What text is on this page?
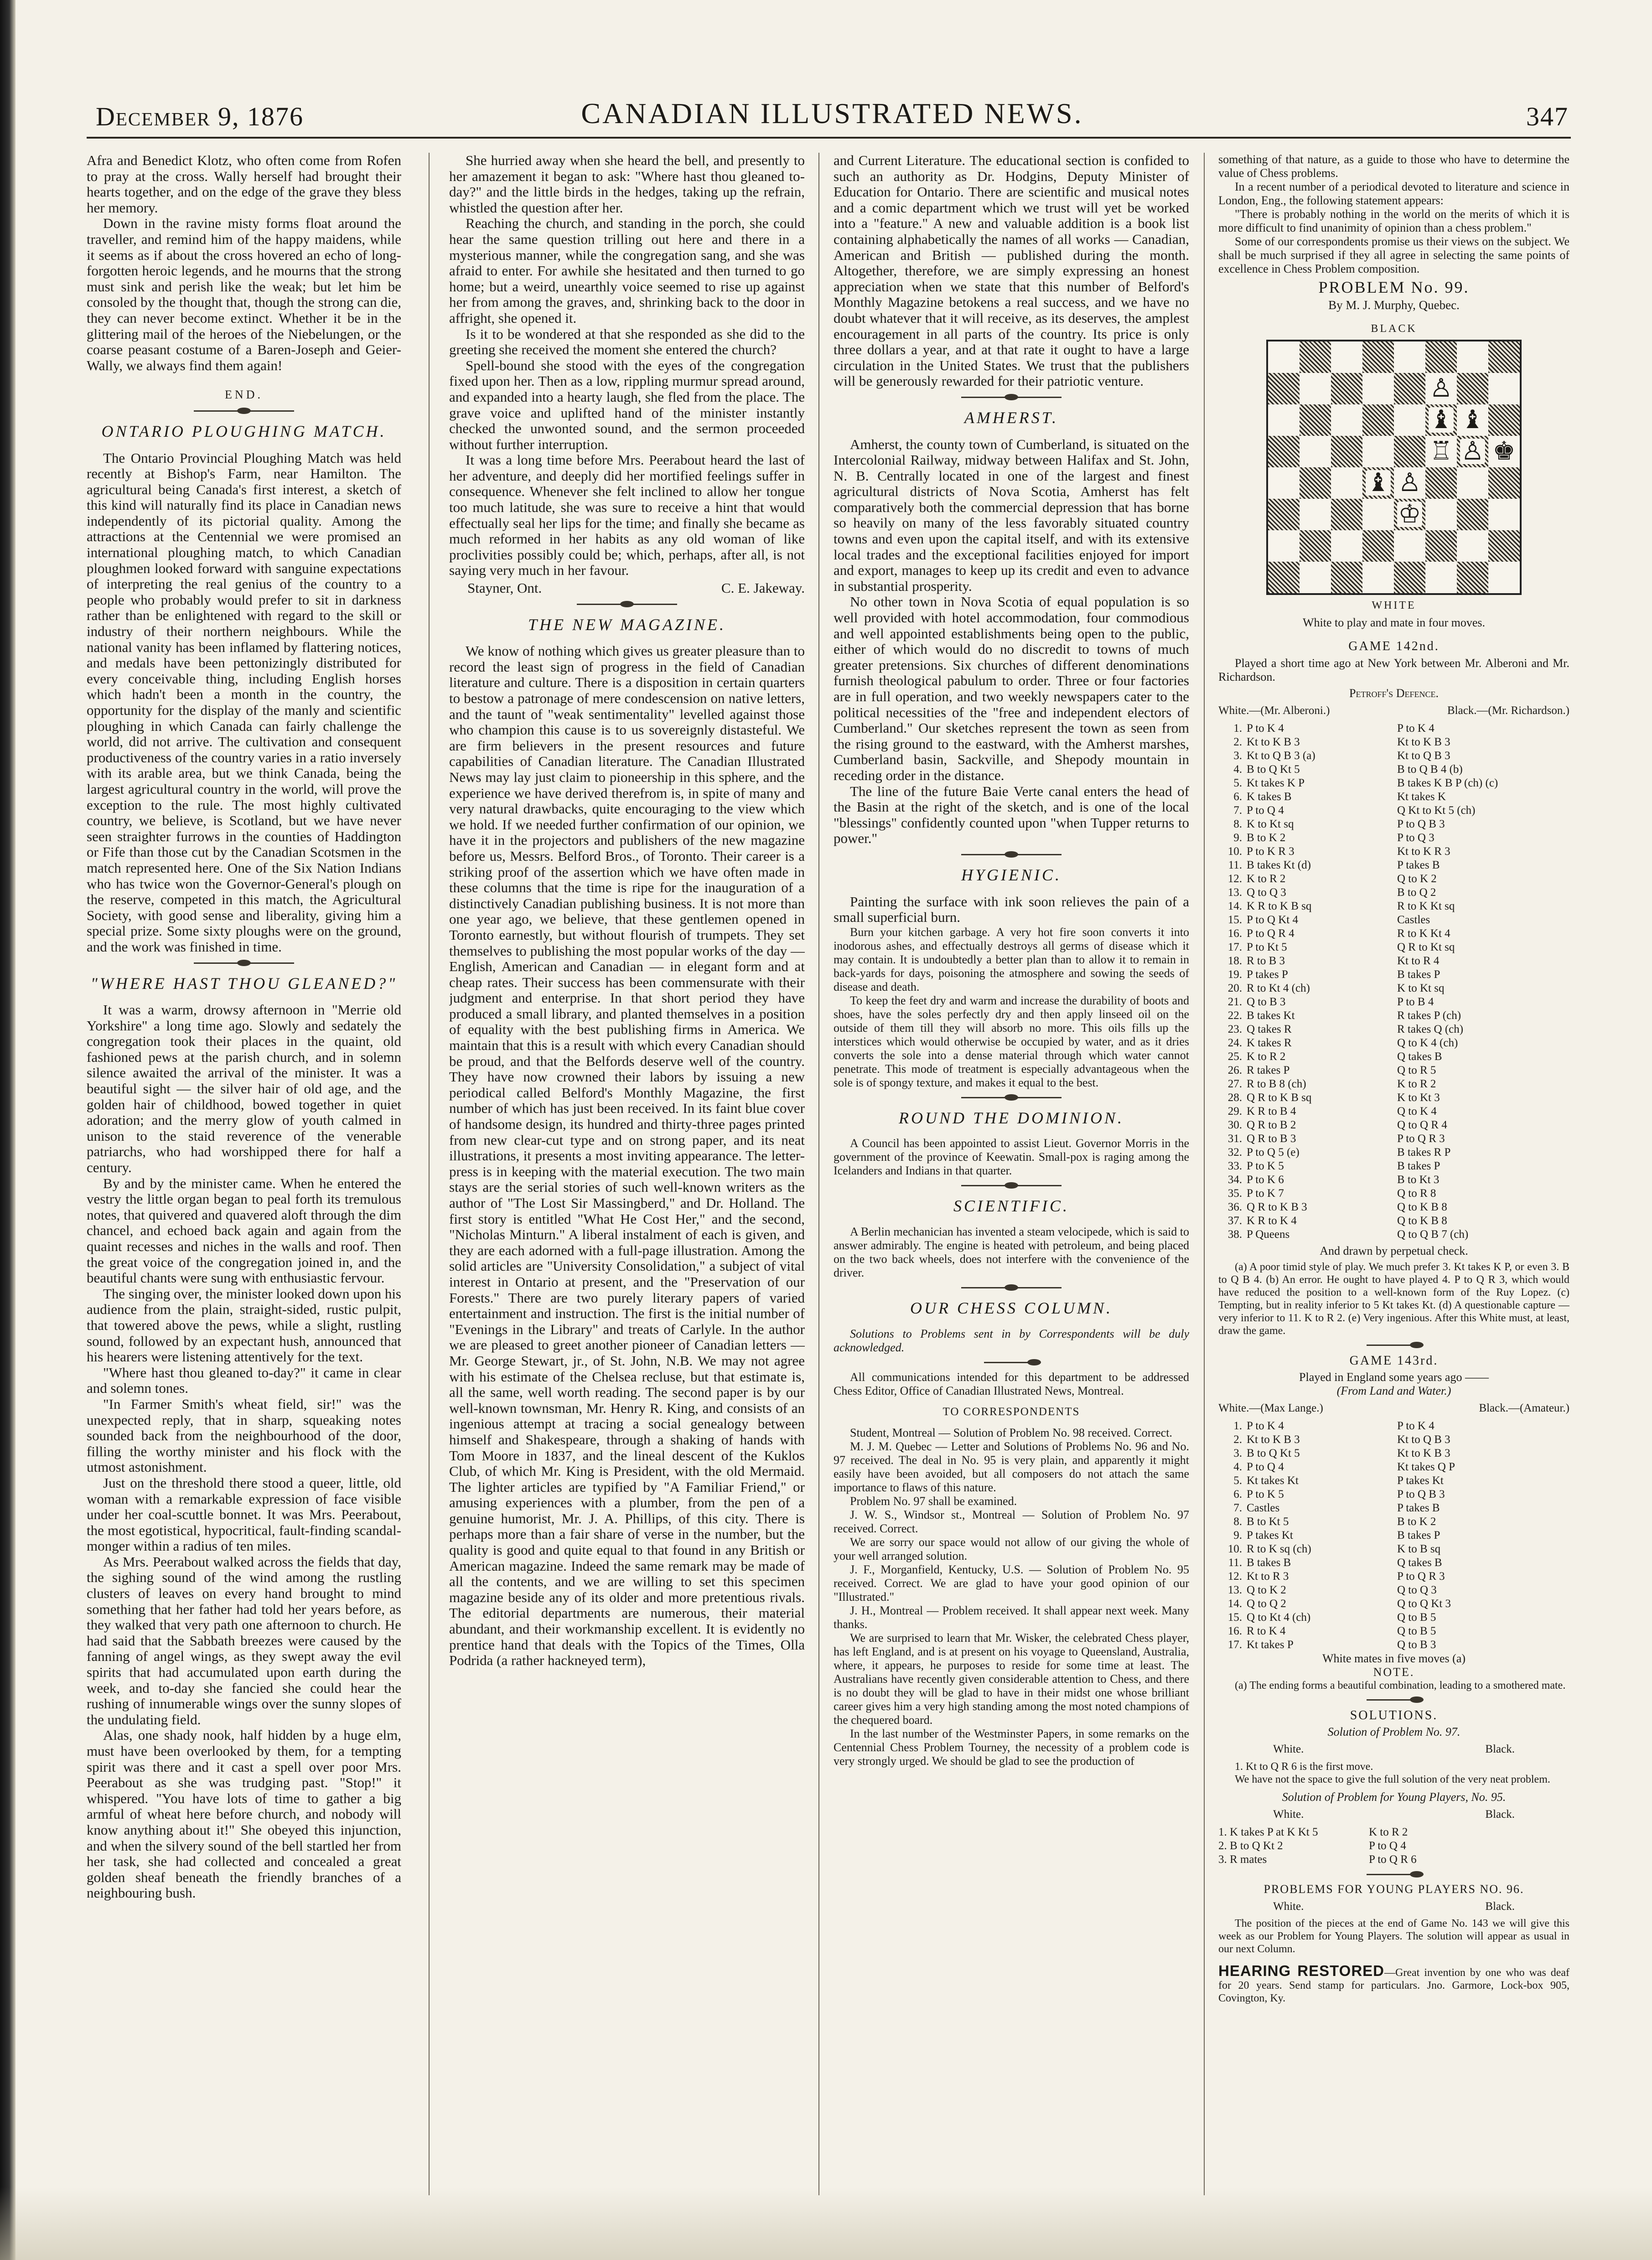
December 9, 1876	CANADIAN ILLUSTRATED NEWS.	347

Afra and Benedict Klotz, who often come from Rofen to pray at the cross. Wally herself had brought their hearts together, and on the edge of the grave they bless her memory.

Down in the ravine misty forms float around the traveller, and remind him of the happy maidens, while it seems as if about the cross hovered an echo of long-forgotten heroic legends, and he mourns that the strong must sink and perish like the weak; but let him be consoled by the thought that, though the strong can die, they can never become extinct. Whether it be in the glittering mail of the heroes of the Niebelungen, or the coarse peasant costume of a Baren-Joseph and Geier-Wally, we always find them again!

END.
ONTARIO PLOUGHING MATCH.

The Ontario Provincial Ploughing Match was held recently at Bishop's Farm, near Hamilton. The agricultural being Canada's first interest, a sketch of this kind will naturally find its place in Canadian news independently of its pictorial quality. Among the attractions at the Centennial we were promised an international ploughing match, to which Canadian ploughmen looked forward with sanguine expectations of interpreting the real genius of the country to a people who probably would prefer to sit in darkness rather than be enlightened with regard to the skill or industry of their northern neighbours. While the national vanity has been inflamed by flattering notices, and medals have been pettonizingly distributed for every conceivable thing, including English horses which hadn't been a month in the country, the opportunity for the display of the manly and scientific ploughing in which Canada can fairly challenge the world, did not arrive. The cultivation and consequent productiveness of the country varies in a ratio inversely with its arable area, but we think Canada, being the largest agricultural country in the world, will prove the exception to the rule. The most highly cultivated country, we believe, is Scotland, but we have never seen straighter furrows in the counties of Haddington or Fife than those cut by the Canadian Scotsmen in the match represented here. One of the Six Nation Indians who has twice won the Governor-General's plough on the reserve, competed in this match, the Agricultural Society, with good sense and liberality, giving him a special prize. Some sixty ploughs were on the ground, and the work was finished in time.

"WHERE HAST THOU GLEANED?"

It was a warm, drowsy afternoon in "Merrie old Yorkshire" a long time ago. Slowly and sedately the congregation took their places in the quaint, old fashioned pews at the parish church, and in solemn silence awaited the arrival of the minister. It was a beautiful sight — the silver hair of old age, and the golden hair of childhood, bowed together in quiet adoration; and the merry glow of youth calmed in unison to the staid reverence of the venerable patriarchs, who had worshipped there for half a century.

By and by the minister came. When he entered the vestry the little organ began to peal forth its tremulous notes, that quivered and quavered aloft through the dim chancel, and echoed back again and again from the quaint recesses and niches in the walls and roof. Then the great voice of the congregation joined in, and the beautiful chants were sung with enthusiastic fervour.

The singing over, the minister looked down upon his audience from the plain, straight-sided, rustic pulpit, that towered above the pews, while a slight, rustling sound, followed by an expectant hush, announced that his hearers were listening attentively for the text.

"Where hast thou gleaned to-day?" it came in clear and solemn tones.

"In Farmer Smith's wheat field, sir!" was the unexpected reply, that in sharp, squeaking notes sounded back from the neighbourhood of the door, filling the worthy minister and his flock with the utmost astonishment.

Just on the threshold there stood a queer, little, old woman with a remarkable expression of face visible under her coal-scuttle bonnet. It was Mrs. Peerabout, the most egotistical, hypocritical, fault-finding scandal-monger within a radius of ten miles.

As Mrs. Peerabout walked across the fields that day, the sighing sound of the wind among the rustling clusters of leaves on every hand brought to mind something that her father had told her years before, as they walked that very path one afternoon to church. He had said that the Sabbath breezes were caused by the fanning of angel wings, as they swept away the evil spirits that had accumulated upon earth during the week, and to-day she fancied she could hear the rushing of innumerable wings over the sunny slopes of the undulating field.

Alas, one shady nook, half hidden by a huge elm, must have been overlooked by them, for a tempting spirit was there and it cast a spell over poor Mrs. Peerabout as she was trudging past. "Stop!" it whispered. "You have lots of time to gather a big armful of wheat here before church, and nobody will know anything about it!" She obeyed this injunction, and when the silvery sound of the bell startled her from her task, she had collected and concealed a great golden sheaf beneath the friendly branches of a neighbouring bush.

She hurried away when she heard the bell, and presently to her amazement it began to ask: "Where hast thou gleaned to-day?" and the little birds in the hedges, taking up the refrain, whistled the question after her.

Reaching the church, and standing in the porch, she could hear the same question trilling out here and there in a mysterious manner, while the congregation sang, and she was afraid to enter. For awhile she hesitated and then turned to go home; but a weird, unearthly voice seemed to rise up against her from among the graves, and, shrinking back to the door in affright, she opened it.

Is it to be wondered at that she responded as she did to the greeting she received the moment she entered the church?

Spell-bound she stood with the eyes of the congregation fixed upon her. Then as a low, rippling murmur spread around, and expanded into a hearty laugh, she fled from the place. The grave voice and uplifted hand of the minister instantly checked the unwonted sound, and the sermon proceeded without further interruption.

It was a long time before Mrs. Peerabout heard the last of her adventure, and deeply did her mortified feelings suffer in consequence. Whenever she felt inclined to allow her tongue too much latitude, she was sure to receive a hint that would effectually seal her lips for the time; and finally she became as much reformed in her habits as any old woman of like proclivities possibly could be; which, perhaps, after all, is not saying very much in her favour.

Stayner, Ont.	C. E. Jakeway.
THE NEW MAGAZINE.

We know of nothing which gives us greater pleasure than to record the least sign of progress in the field of Canadian literature and culture. There is a disposition in certain quarters to bestow a patronage of mere condescension on native letters, and the taunt of "weak sentimentality" levelled against those who champion this cause is to us sovereignly distasteful. We are firm believers in the present resources and future capabilities of Canadian literature. The Canadian Illustrated News may lay just claim to pioneership in this sphere, and the experience we have derived therefrom is, in spite of many and very natural drawbacks, quite encouraging to the view which we hold. If we needed further confirmation of our opinion, we have it in the projectors and publishers of the new magazine before us, Messrs. Belford Bros., of Toronto. Their career is a striking proof of the assertion which we have often made in these columns that the time is ripe for the inauguration of a distinctively Canadian publishing business. It is not more than one year ago, we believe, that these gentlemen opened in Toronto earnestly, but without flourish of trumpets. They set themselves to publishing the most popular works of the day — English, American and Canadian — in elegant form and at cheap rates. Their success has been commensurate with their judgment and enterprise. In that short period they have produced a small library, and planted themselves in a position of equality with the best publishing firms in America. We maintain that this is a result with which every Canadian should be proud, and that the Belfords deserve well of the country. They have now crowned their labors by issuing a new periodical called Belford's Monthly Magazine, the first number of which has just been received. In its faint blue cover of handsome design, its hundred and thirty-three pages printed from new clear-cut type and on strong paper, and its neat illustrations, it presents a most inviting appearance. The letter-press is in keeping with the material execution. The two main stays are the serial stories of such well-known writers as the author of "The Lost Sir Massingberd," and Dr. Holland. The first story is entitled "What He Cost Her," and the second, "Nicholas Minturn." A liberal instalment of each is given, and they are each adorned with a full-page illustration. Among the solid articles are "University Consolidation," a subject of vital interest in Ontario at present, and the "Preservation of our Forests." There are two purely literary papers of varied entertainment and instruction. The first is the initial number of "Evenings in the Library" and treats of Carlyle. In the author we are pleased to greet another pioneer of Canadian letters — Mr. George Stewart, jr., of St. John, N.B. We may not agree with his estimate of the Chelsea recluse, but that estimate is, all the same, well worth reading. The second paper is by our well-known townsman, Mr. Henry R. King, and consists of an ingenious attempt at tracing a social genealogy between himself and Shakespeare, through a shaking of hands with Tom Moore in 1837, and the lineal descent of the Kuklos Club, of which Mr. King is President, with the old Mermaid. The lighter articles are typified by "A Familiar Friend," or amusing experiences with a plumber, from the pen of a genuine humorist, Mr. J. A. Phillips, of this city. There is perhaps more than a fair share of verse in the number, but the quality is good and quite equal to that found in any British or American magazine. Indeed the same remark may be made of all the contents, and we are willing to set this specimen magazine beside any of its older and more pretentious rivals. The editorial departments are numerous, their material abundant, and their workmanship excellent. It is evidently no prentice hand that deals with the Topics of the Times, Olla Podrida (a rather hackneyed term),

and Current Literature. The educational section is confided to such an authority as Dr. Hodgins, Deputy Minister of Education for Ontario. There are scientific and musical notes and a comic department which we trust will yet be worked into a "feature." A new and valuable addition is a book list containing alphabetically the names of all works — Canadian, American and British — published during the month. Altogether, therefore, we are simply expressing an honest appreciation when we state that this number of Belford's Monthly Magazine betokens a real success, and we have no doubt whatever that it will receive, as its deserves, the amplest encouragement in all parts of the country. Its price is only three dollars a year, and at that rate it ought to have a large circulation in the United States. We trust that the publishers will be generously rewarded for their patriotic venture.

AMHERST.

Amherst, the county town of Cumberland, is situated on the Intercolonial Railway, midway between Halifax and St. John, N. B. Centrally located in one of the largest and finest agricultural districts of Nova Scotia, Amherst has felt comparatively both the commercial depression that has borne so heavily on many of the less favorably situated country towns and even upon the capital itself, and with its extensive local trades and the exceptional facilities enjoyed for import and export, manages to keep up its credit and even to advance in substantial prosperity.

No other town in Nova Scotia of equal population is so well provided with hotel accommodation, four commodious and well appointed establishments being open to the public, either of which would do no discredit to towns of much greater pretensions. Six churches of different denominations furnish theological pabulum to order. Three or four factories are in full operation, and two weekly newspapers cater to the political necessities of the "free and independent electors of Cumberland." Our sketches represent the town as seen from the rising ground to the eastward, with the Amherst marshes, Cumberland basin, Sackville, and Shepody mountain in receding order in the distance.

The line of the future Baie Verte canal enters the head of the Basin at the right of the sketch, and is one of the local "blessings" confidently counted upon "when Tupper returns to power."

HYGIENIC.

Painting the surface with ink soon relieves the pain of a small superficial burn.

Burn your kitchen garbage. A very hot fire soon converts it into inodorous ashes, and effectually destroys all germs of disease which it may contain. It is undoubtedly a better plan than to allow it to remain in back-yards for days, poisoning the atmosphere and sowing the seeds of disease and death.

To keep the feet dry and warm and increase the durability of boots and shoes, have the soles perfectly dry and then apply linseed oil on the outside of them till they will absorb no more. This oils fills up the interstices which would otherwise be occupied by water, and as it dries converts the sole into a dense material through which water cannot penetrate. This mode of treatment is especially advantageous when the sole is of spongy texture, and makes it equal to the best.

ROUND THE DOMINION.

A Council has been appointed to assist Lieut. Governor Morris in the government of the province of Keewatin. Small-pox is raging among the Icelanders and Indians in that quarter.

SCIENTIFIC.

A Berlin mechanician has invented a steam velocipede, which is said to answer admirably. The engine is heated with petroleum, and being placed on the two back wheels, does not interfere with the convenience of the driver.

OUR CHESS COLUMN.

Solutions to Problems sent in by Correspondents will be duly acknowledged.

All communications intended for this department to be addressed Chess Editor, Office of Canadian Illustrated News, Montreal.

TO CORRESPONDENTS

Student, Montreal — Solution of Problem No. 98 received. Correct.

M. J. M. Quebec — Letter and Solutions of Problems No. 96 and No. 97 received. The deal in No. 95 is very plain, and apparently it might easily have been avoided, but all composers do not attach the same importance to flaws of this nature.

Problem No. 97 shall be examined.

J. W. S., Windsor st., Montreal — Solution of Problem No. 97 received. Correct.

We are sorry our space would not allow of our giving the whole of your well arranged solution.

J. F., Morganfield, Kentucky, U.S. — Solution of Problem No. 95 received. Correct. We are glad to have your good opinion of our "Illustrated."

J. H., Montreal — Problem received. It shall appear next week. Many thanks.

We are surprised to learn that Mr. Wisker, the celebrated Chess player, has left England, and is at present on his voyage to Queensland, Australia, where, it appears, he purposes to reside for some time at least. The Australians have recently given considerable attention to Chess, and there is no doubt they will be glad to have in their midst one whose brilliant career gives him a very high standing among the most noted champions of the chequered board.

In the last number of the Westminster Papers, in some remarks on the Centennial Chess Problem Tourney, the necessity of a problem code is very strongly urged. We should be glad to see the production of

something of that nature, as a guide to those who have to determine the value of Chess problems.

In a recent number of a periodical devoted to literature and science in London, Eng., the following statement appears:

"There is probably nothing in the world on the merits of which it is more difficult to find unanimity of opinion than a chess problem."

Some of our correspondents promise us their views on the subject. We shall be much surprised if they all agree in selecting the same points of excellence in Chess Problem composition.

PROBLEM No. 99.
By M. J. Murphy, Quebec.
BLACK
♙
♝ ♝
♖ ♙ ♚
♝ ♙
♔
WHITE
White to play and mate in four moves.
GAME 142nd.

Played a short time ago at New York between Mr. Alberoni and Mr. Richardson.

Petroff's Defence.
White.—(Mr. Alberoni.)	Black.—(Mr. Richardson.)
1.	P to K 4	P to K 4
2.	Kt to K B 3	Kt to K B 3
3.	Kt to Q B 3 (a)	Kt to Q B 3
4.	B to Q Kt 5	B to Q B 4 (b)
5.	Kt takes K P	B takes K B P (ch) (c)
6.	K takes B	Kt takes K
7.	P to Q 4	Q Kt to Kt 5 (ch)
8.	K to Kt sq	P to Q B 3
9.	B to K 2	P to Q 3
10.	P to K R 3	Kt to K R 3
11.	B takes Kt (d)	P takes B
12.	K to R 2	Q to K 2
13.	Q to Q 3	B to Q 2
14.	K R to K B sq	R to K Kt sq
15.	P to Q Kt 4	Castles
16.	P to Q R 4	R to K Kt 4
17.	P to Kt 5	Q R to Kt sq
18.	R to B 3	Kt to R 4
19.	P takes P	B takes P
20.	R to Kt 4 (ch)	K to Kt sq
21.	Q to B 3	P to B 4
22.	B takes Kt	R takes P (ch)
23.	Q takes R	R takes Q (ch)
24.	K takes R	Q to K 4 (ch)
25.	K to R 2	Q takes B
26.	R takes P	Q to R 5
27.	R to B 8 (ch)	K to R 2
28.	Q R to K B sq	K to Kt 3
29.	K R to B 4	Q to K 4
30.	Q R to B 2	Q to Q R 4
31.	Q R to B 3	P to Q R 3
32.	P to Q 5 (e)	B takes R P
33.	P to K 5	B takes P
34.	P to K 6	B to Kt 3
35.	P to K 7	Q to R 8
36.	Q R to K B 3	Q to K B 8
37.	K R to K 4	Q to K B 8
38.	P Queens	Q to Q B 7 (ch)
And drawn by perpetual check.

(a) A poor timid style of play. We much prefer 3. Kt takes K P, or even 3. B to Q B 4. (b) An error. He ought to have played 4. P to Q R 3, which would have reduced the position to a well-known form of the Ruy Lopez. (c) Tempting, but in reality inferior to 5 Kt takes Kt. (d) A questionable capture — very inferior to 11. K to R 2. (e) Very ingenious. After this White must, at least, draw the game.

GAME 143rd.

Played in England some years ago ——

(From Land and Water.)
White.—(Max Lange.)	Black.—(Amateur.)
1.	P to K 4	P to K 4
2.	Kt to K B 3	Kt to Q B 3
3.	B to Q Kt 5	Kt to K B 3
4.	P to Q 4	Kt takes Q P
5.	Kt takes Kt	P takes Kt
6.	P to K 5	P to Q B 3
7.	Castles	P takes B
8.	B to Kt 5	B to K 2
9.	P takes Kt	B takes P
10.	R to K sq (ch)	K to B sq
11.	B takes B	Q takes B
12.	Kt to R 3	P to Q R 3
13.	Q to K 2	Q to Q 3
14.	Q to Q 2	Q to Q Kt 3
15.	Q to Kt 4 (ch)	Q to B 5
16.	R to K 4	Q to B 5
17.	Kt takes P	Q to B 3
White mates in five moves (a)
NOTE.

(a) The ending forms a beautiful combination, leading to a smothered mate.

SOLUTIONS.
Solution of Problem No. 97.
White.	Black.

1. Kt to Q R 6 is the first move.

We have not the space to give the full solution of the very neat problem.

Solution of Problem for Young Players, No. 95.
White.	Black.
1. K takes P at K Kt 5	K to R 2
2. B to Q Kt 2	P to Q 4
3. R mates	P to Q R 6
PROBLEMS FOR YOUNG PLAYERS NO. 96.
White.	Black.

The position of the pieces at the end of Game No. 143 we will give this week as our Problem for Young Players. The solution will appear as usual in our next Column.

HEARING RESTORED—Great invention by one who was deaf for 20 years. Send stamp for particulars. Jno. Garmore, Lock-box 905, Covington, Ky.
